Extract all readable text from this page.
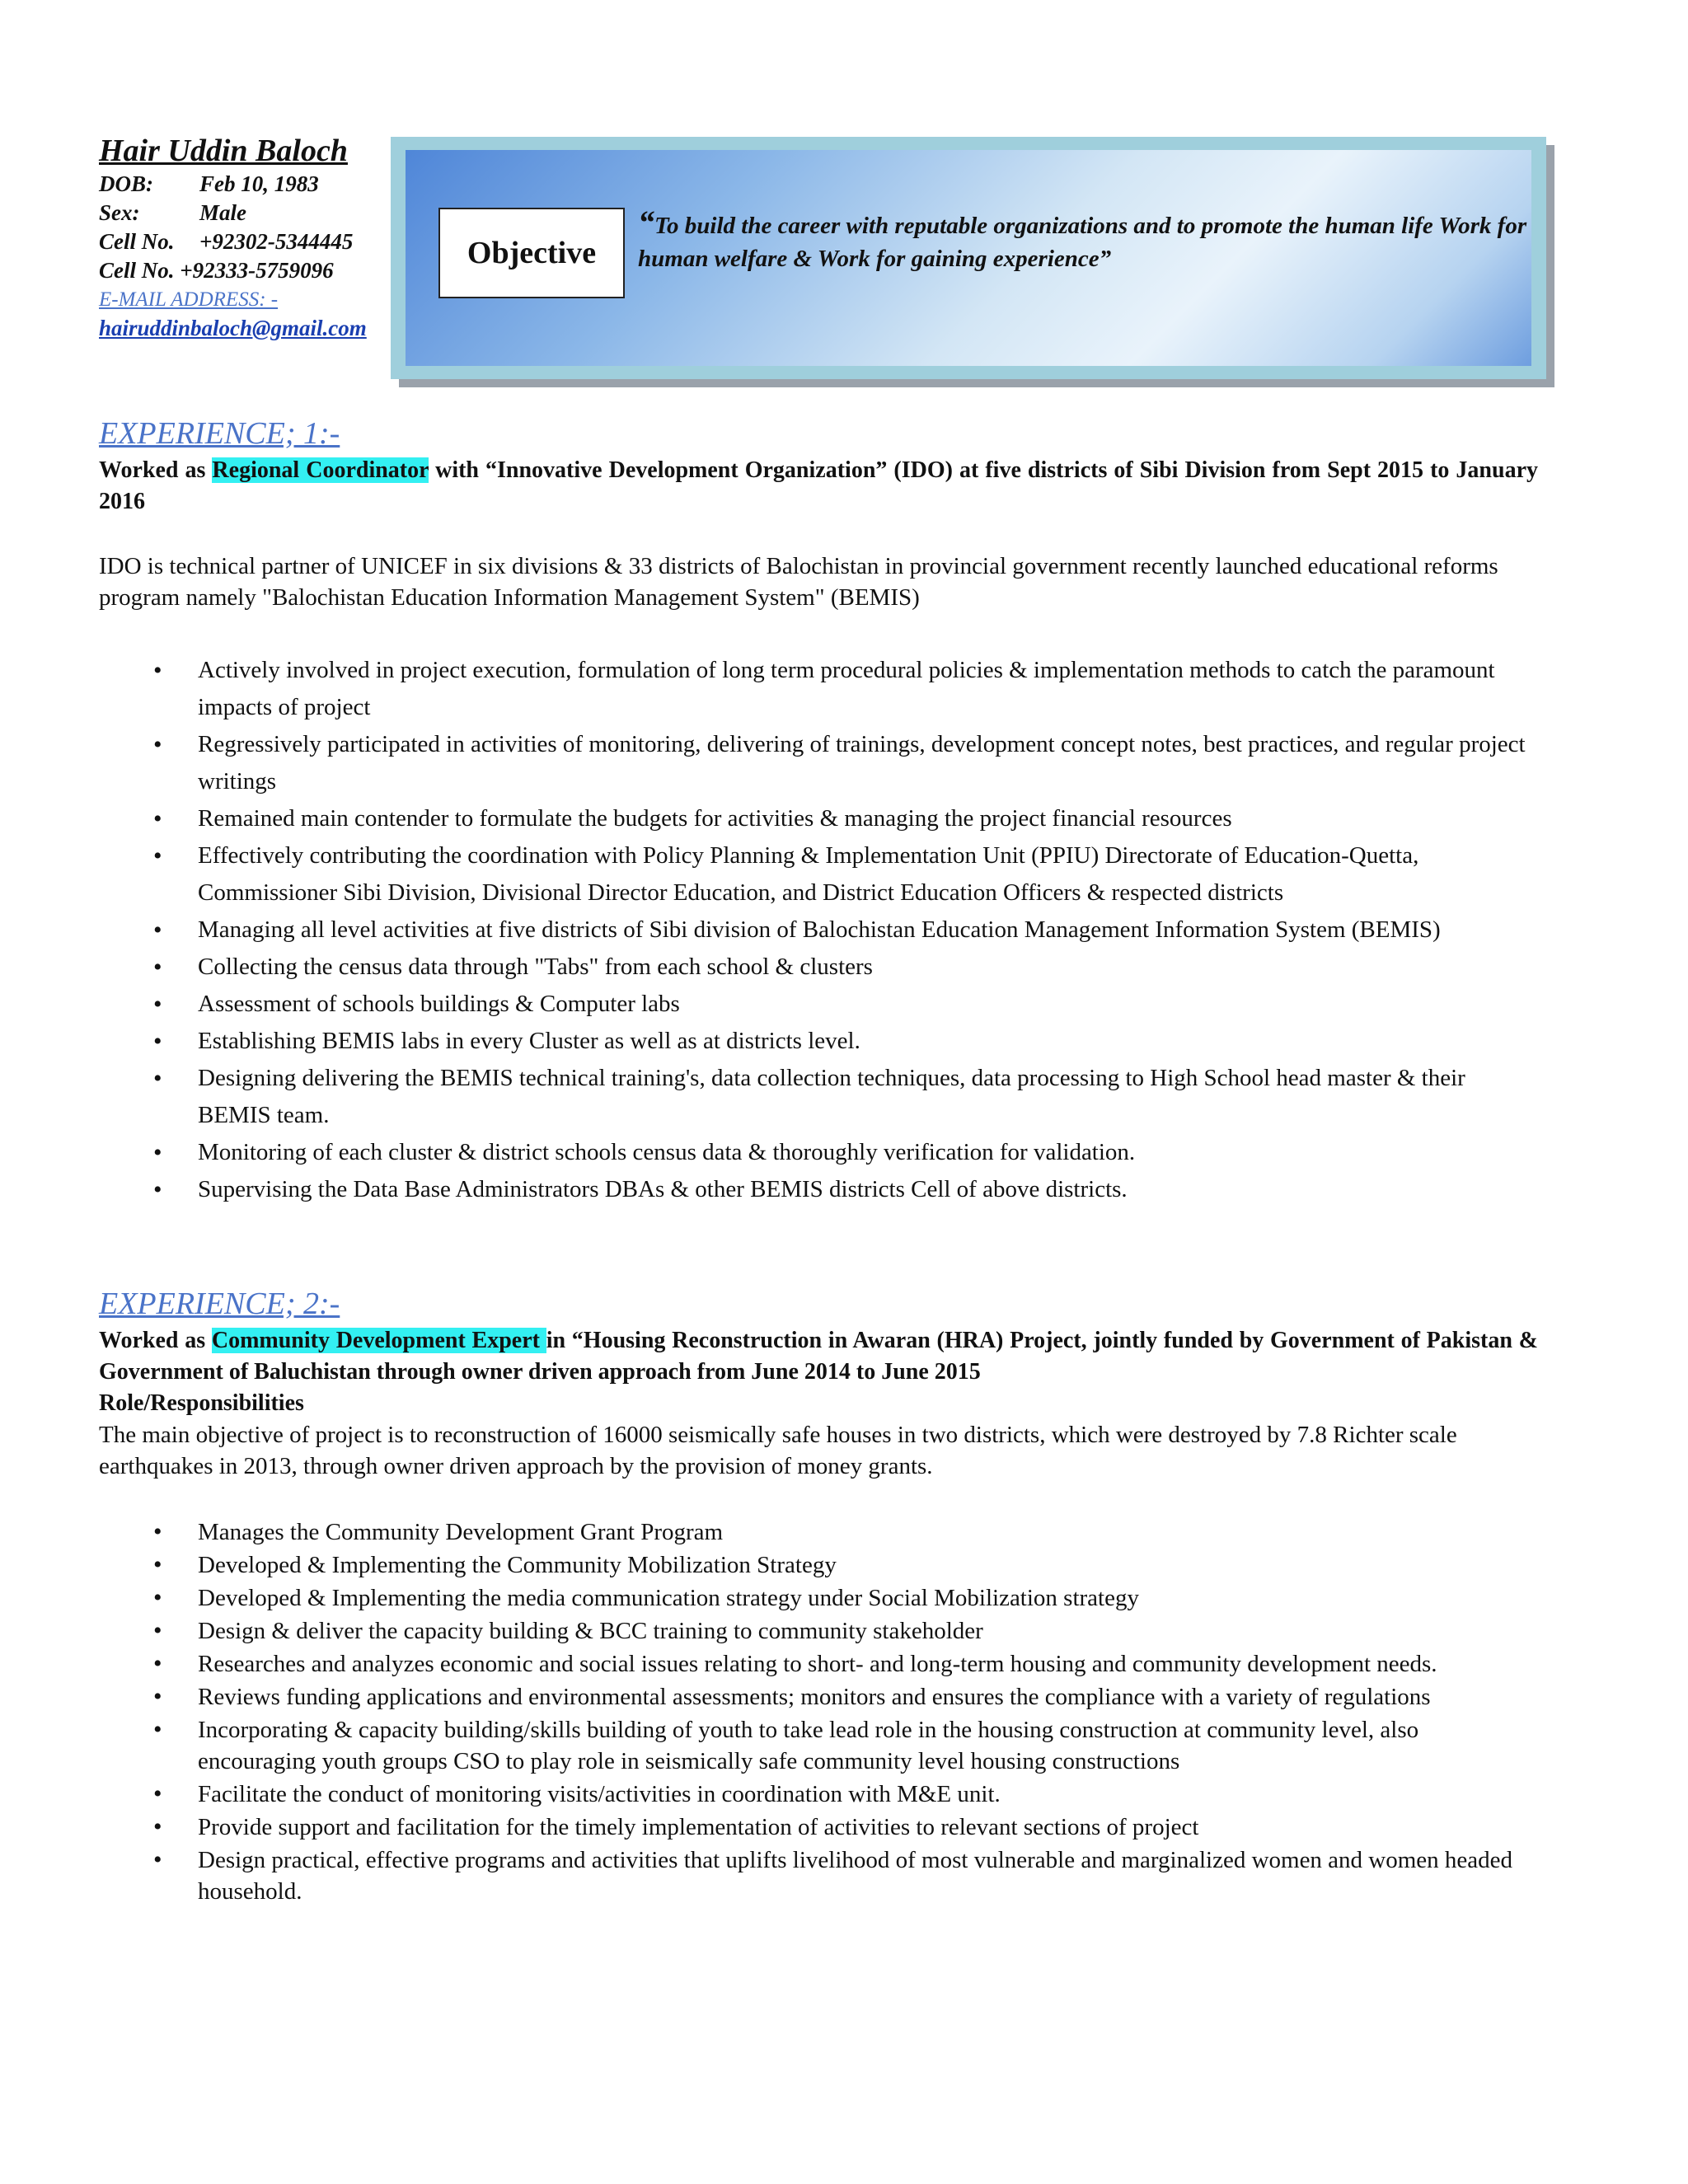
Hair Uddin Baloch
DOB: Feb 10, 1983
Sex:	Male
Cell No. +92302-5344445
Cell No. +92333-5759096
E-MAIL ADDRESS: -
hairuddinbaloch@gmail.com
Objective
“To build the career with reputable organizations and to promote the human life Work for human welfare & Work for gaining experience”
EXPERIENCE; 1:-
Worked as Regional Coordinator with “Innovative Development Organization” (IDO) at five districts of Sibi Division from Sept 2015 to January 2016
IDO is technical partner of UNICEF in six divisions & 33 districts of Balochistan in provincial government recently launched educational reforms program namely "Balochistan Education Information Management System" (BEMIS)
• Actively involved in project execution, formulation of long term procedural policies & implementation methods to catch the paramount impacts of project
• Regressively participated in activities of monitoring, delivering of trainings, development concept notes, best practices, and regular project writings
• Remained main contender to formulate the budgets for activities & managing the project financial resources
• Effectively contributing the coordination with Policy Planning & Implementation Unit (PPIU) Directorate of Education-Quetta, Commissioner Sibi Division, Divisional Director Education, and District Education Officers & respected districts
• Managing all level activities at five districts of Sibi division of Balochistan Education Management Information System (BEMIS)
• Collecting the census data through "Tabs" from each school & clusters
• Assessment of schools buildings & Computer labs
• Establishing BEMIS labs in every Cluster as well as at districts level.
• Designing delivering the BEMIS technical training's, data collection techniques, data processing to High School head master & their BEMIS team.
• Monitoring of each cluster & district schools census data & thoroughly verification for validation.
• Supervising the Data Base Administrators DBAs & other BEMIS districts Cell of above districts.
EXPERIENCE; 2:-
Worked as Community Development Expert in “Housing Reconstruction in Awaran (HRA) Project, jointly funded by Government of Pakistan & Government of Baluchistan through owner driven approach from June 2014 to June 2015
Role/Responsibilities
The main objective of project is to reconstruction of 16000 seismically safe houses in two districts, which were destroyed by 7.8 Richter scale earthquakes in 2013, through owner driven approach by the provision of money grants.
• Manages the Community Development Grant Program
• Developed & Implementing the Community Mobilization Strategy
• Developed & Implementing the media communication strategy under Social Mobilization strategy
• Design & deliver the capacity building & BCC training to community stakeholder
• Researches and analyzes economic and social issues relating to short- and long-term housing and community development needs.
• Reviews funding applications and environmental assessments; monitors and ensures the compliance with a variety of regulations
• Incorporating & capacity building/skills building of youth to take lead role in the housing construction at community level, also encouraging youth groups CSO to play role in seismically safe community level housing constructions
• Facilitate the conduct of monitoring visits/activities in coordination with M&E unit.
• Provide support and facilitation for the timely implementation of activities to relevant sections of project
• Design practical, effective programs and activities that uplifts livelihood of most vulnerable and marginalized women and women headed household.
